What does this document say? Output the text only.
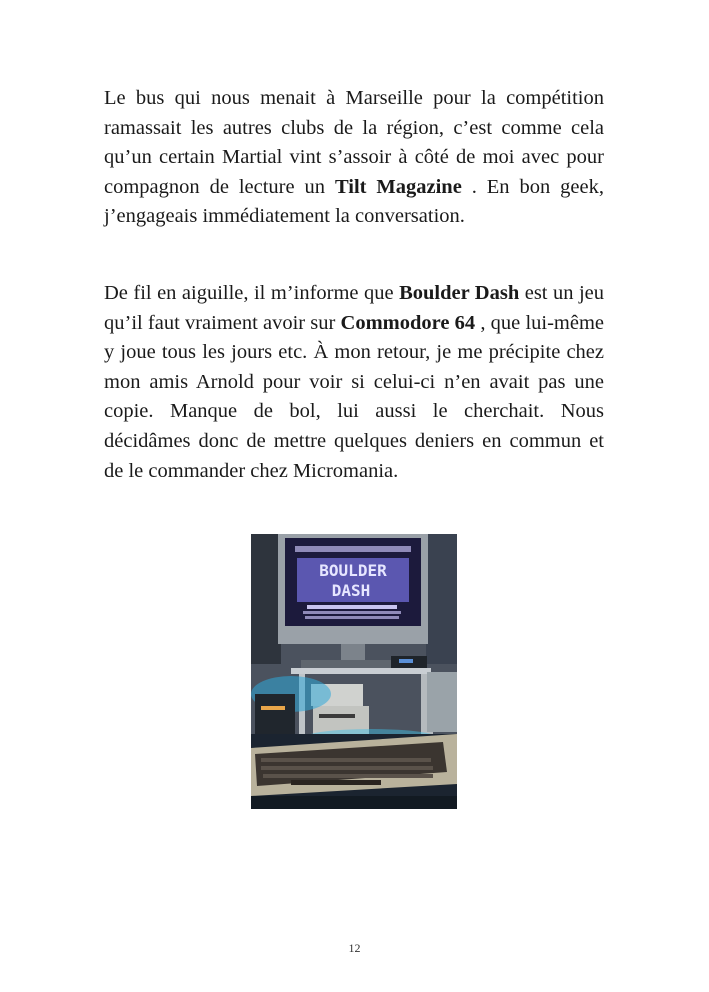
Le bus qui nous menait à Marseille pour la compétition ramassait les autres clubs de la région, c’est comme cela qu’un certain Martial vint s’assoir à côté de moi avec pour compagnon de lecture un Tilt Magazine . En bon geek, j’engageais immédiatement la conversation.

De fil en aiguille, il m’informe que Boulder Dash est un jeu qu’il faut vraiment avoir sur Commodore 64 , que lui-même y joue tous les jours etc. À mon retour, je me précipite chez mon amis Arnold pour voir si celui-ci n’en avait pas une copie. Manque de bol, lui aussi le cherchait. Nous décidâmes donc de mettre quelques deniers en commun et de le commander chez Micromania.

BOULDER
DASH
12
